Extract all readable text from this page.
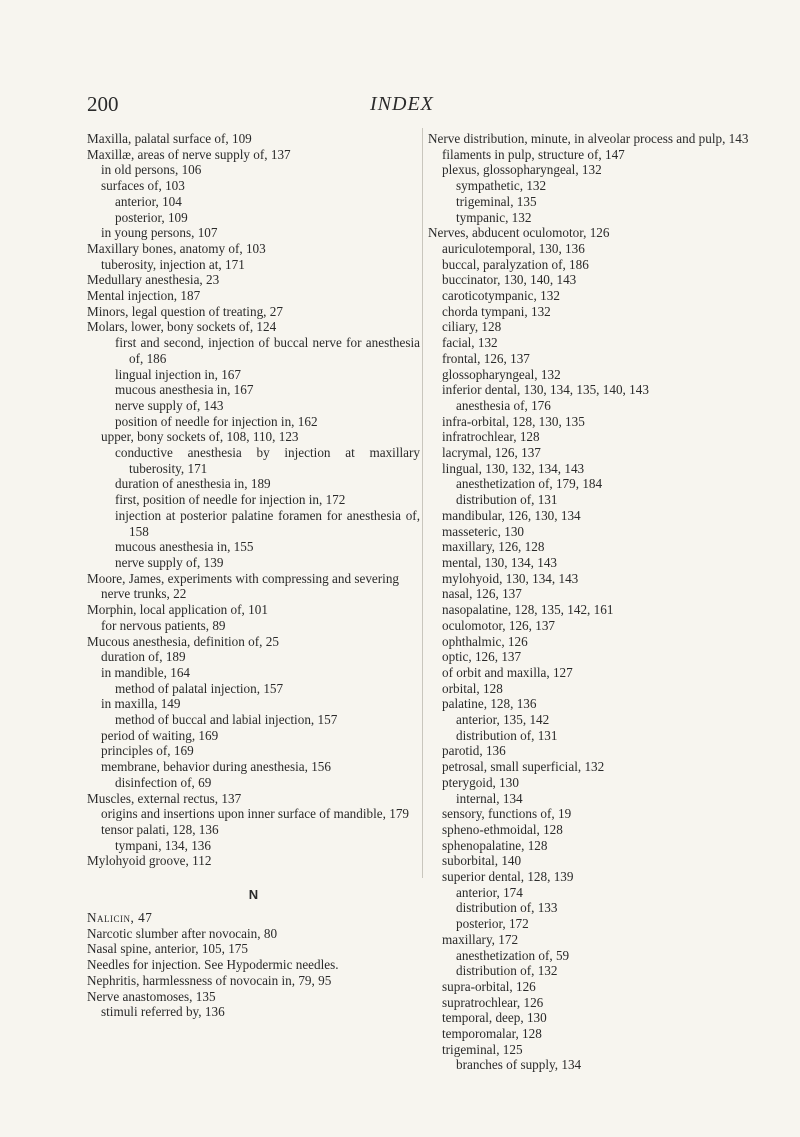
200	INDEX

Maxilla, palatal surface of, 109

Maxillæ, areas of nerve supply of, 137

in old persons, 106

surfaces of, 103

anterior, 104

posterior, 109

in young persons, 107

Maxillary bones, anatomy of, 103

tuberosity, injection at, 171

Medullary anesthesia, 23

Mental injection, 187

Minors, legal question of treating, 27

Molars, lower, bony sockets of, 124

first and second, injection of buccal nerve for anesthesia of, 186

lingual injection in, 167

mucous anesthesia in, 167

nerve supply of, 143

position of needle for injection in, 162

upper, bony sockets of, 108, 110, 123

conductive anesthesia by injection at maxillary tuberosity, 171

duration of anesthesia in, 189

first, position of needle for injection in, 172

injection at posterior palatine foramen for anesthesia of, 158

mucous anesthesia in, 155

nerve supply of, 139

Moore, James, experiments with compressing and severing nerve trunks, 22

Morphin, local application of, 101

for nervous patients, 89

Mucous anesthesia, definition of, 25

duration of, 189

in mandible, 164

method of palatal injection, 157

in maxilla, 149

method of buccal and labial injection, 157

period of waiting, 169

principles of, 169

membrane, behavior during anesthesia, 156

disinfection of, 69

Muscles, external rectus, 137

origins and insertions upon inner surface of mandible, 179

tensor palati, 128, 136

tympani, 134, 136

Mylohyoid groove, 112

N

Nalicin, 47

Narcotic slumber after novocain, 80

Nasal spine, anterior, 105, 175

Needles for injection. See Hypodermic needles.

Nephritis, harmlessness of novocain in, 79, 95

Nerve anastomoses, 135

stimuli referred by, 136

Nerve distribution, minute, in alveolar process and pulp, 143

filaments in pulp, structure of, 147

plexus, glossopharyngeal, 132

sympathetic, 132

trigeminal, 135

tympanic, 132

Nerves, abducent oculomotor, 126

auriculotemporal, 130, 136

buccal, paralyzation of, 186

buccinator, 130, 140, 143

caroticotympanic, 132

chorda tympani, 132

ciliary, 128

facial, 132

frontal, 126, 137

glossopharyngeal, 132

inferior dental, 130, 134, 135, 140, 143

anesthesia of, 176

infra-orbital, 128, 130, 135

infratrochlear, 128

lacrymal, 126, 137

lingual, 130, 132, 134, 143

anesthetization of, 179, 184

distribution of, 131

mandibular, 126, 130, 134

masseteric, 130

maxillary, 126, 128

mental, 130, 134, 143

mylohyoid, 130, 134, 143

nasal, 126, 137

nasopalatine, 128, 135, 142, 161

oculomotor, 126, 137

ophthalmic, 126

optic, 126, 137

of orbit and maxilla, 127

orbital, 128

palatine, 128, 136

anterior, 135, 142

distribution of, 131

parotid, 136

petrosal, small superficial, 132

pterygoid, 130

internal, 134

sensory, functions of, 19

spheno-ethmoidal, 128

sphenopalatine, 128

suborbital, 140

superior dental, 128, 139

anterior, 174

distribution of, 133

posterior, 172

maxillary, 172

anesthetization of, 59

distribution of, 132

supra-orbital, 126

supratrochlear, 126

temporal, deep, 130

temporomalar, 128

trigeminal, 125

branches of supply, 134
